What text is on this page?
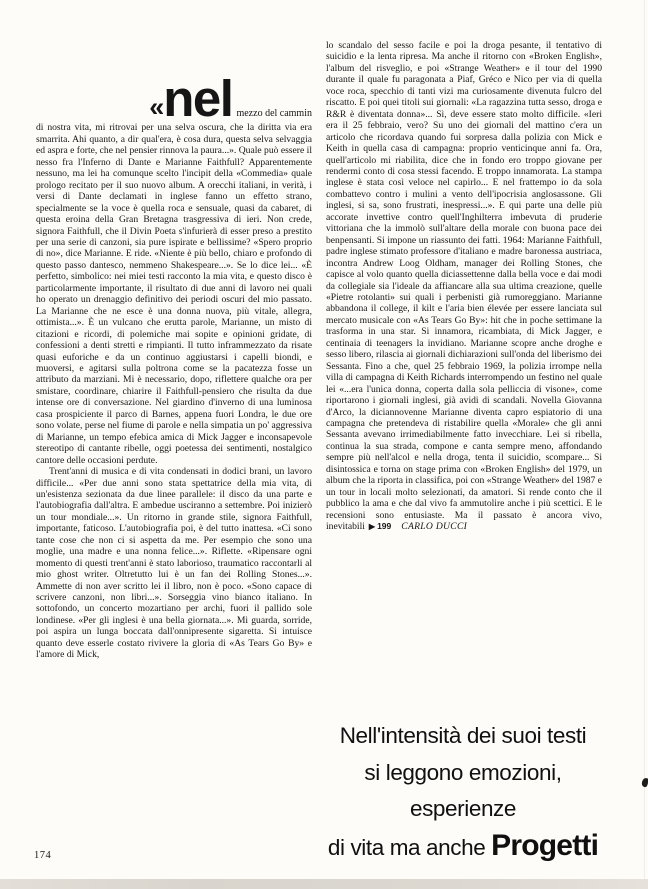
«nel mezzo del cammin

di nostra vita, mi ritrovai per una selva oscura, che la diritta via era smarrita. Ahi quanto, a dir qual'era, è cosa dura, questa selva selvaggia ed aspra e forte, che nel pensier rinnova la paura...». Quale può essere il nesso fra l'Inferno di Dante e Marianne Faithfull? Apparentemente nessuno, ma lei ha comunque scelto l'incipit della «Commedia» quale prologo recitato per il suo nuovo album. A orecchi italiani, in verità, i versi di Dante declamati in inglese fanno un effetto strano, specialmente se la voce è quella roca e sensuale, quasi da cabaret, di questa eroina della Gran Bretagna trasgressiva di ieri. Non crede, signora Faithfull, che il Divin Poeta s'infurierà di esser preso a prestito per una serie di canzoni, sia pure ispirate e bellissime? «Spero proprio di no», dice Marianne. E ride. «Niente è più bello, chiaro e profondo di questo passo dantesco, nemmeno Shakespeare...». Se lo dice lei... «È perfetto, simbolico: nei miei testi racconto la mia vita, e questo disco è particolarmente importante, il risultato di due anni di lavoro nei quali ho operato un drenaggio definitivo dei periodi oscuri del mio passato. La Marianne che ne esce è una donna nuova, più vitale, allegra, ottimista...». È un vulcano che erutta parole, Marianne, un misto di citazioni e ricordi, di polemiche mai sopite e opinioni gridate, di confessioni a denti stretti e rimpianti. Il tutto inframmezzato da risate quasi euforiche e da un continuo aggiustarsi i capelli biondi, e muoversi, e agitarsi sulla poltrona come se la pacatezza fosse un attributo da marziani. Mi è necessario, dopo, riflettere qualche ora per smistare, coordinare, chiarire il Faithfull-pensiero che risulta da due intense ore di conversazione. Nel giardino d'inverno di una luminosa casa prospiciente il parco di Barnes, appena fuori Londra, le due ore sono volate, perse nel fiume di parole e nella simpatia un po' aggressiva di Marianne, un tempo efebica amica di Mick Jagger e inconsapevole stereotipo di cantante ribelle, oggi poetessa dei sentimenti, nostalgico cantore delle occasioni perdute.

Trent'anni di musica e di vita condensati in dodici brani, un lavoro difficile... «Per due anni sono stata spettatrice della mia vita, di un'esistenza sezionata da due linee parallele: il disco da una parte e l'autobiografia dall'altra. E ambedue usciranno a settembre. Poi inizierò un tour mondiale...». Un ritorno in grande stile, signora Faithfull, importante, faticoso. L'autobiografia poi, è del tutto inattesa. «Ci sono tante cose che non ci si aspetta da me. Per esempio che sono una moglie, una madre e una nonna felice...». Riflette. «Ripensare ogni momento di questi trent'anni è stato laborioso, traumatico raccontarli al mio ghost writer. Oltretutto lui è un fan dei Rolling Stones...». Ammette di non aver scritto lei il libro, non è poco. «Sono capace di scrivere canzoni, non libri...». Sorseggia vino bianco italiano. In sottofondo, un concerto mozartiano per archi, fuori il pallido sole londinese. «Per gli inglesi è una bella giornata...». Mi guarda, sorride, poi aspira un lunga boccata dall'onnipresente sigaretta. Si intuisce quanto deve esserle costato rivivere la gloria di «As Tears Go By» e l'amore di Mick,

lo scandalo del sesso facile e poi la droga pesante, il tentativo di suicidio e la lenta ripresa. Ma anche il ritorno con «Broken English», l'album del risveglio, e poi «Strange Weather» e il tour del 1990 durante il quale fu paragonata a Piaf, Gréco e Nico per via di quella voce roca, specchio di tanti vizi ma curiosamente divenuta fulcro del riscatto. E poi quei titoli sui giornali: «La ragazzina tutta sesso, droga e R&R è diventata donna»... Sì, deve essere stato molto difficile. «Ieri era il 25 febbraio, vero? Su uno dei giornali del mattino c'era un articolo che ricordava quando fui sorpresa dalla polizia con Mick e Keith in quella casa di campagna: proprio venticinque anni fa. Ora, quell'articolo mi riabilita, dice che in fondo ero troppo giovane per rendermi conto di cosa stessi facendo. E troppo innamorata. La stampa inglese è stata così veloce nel capirlo... E nel frattempo io da sola combattevo contro i mulini a vento dell'ipocrisia anglosassone. Gli inglesi, si sa, sono frustrati, inespressi...». E qui parte una delle più accorate invettive contro quell'Inghilterra imbevuta di pruderie vittoriana che la immolò sull'altare della morale con buona pace dei benpensanti. Si impone un riassunto dei fatti. 1964: Marianne Faithfull, padre inglese stimato professore d'italiano e madre baronessa austriaca, incontra Andrew Loog Oldham, manager dei Rolling Stones, che capisce al volo quanto quella diciassettenne dalla bella voce e dai modi da collegiale sia l'ideale da affiancare alla sua ultima creazione, quelle «Pietre rotolanti» sui quali i perbenisti già rumoreggiano. Marianne abbandona il college, il kilt e l'aria bien élevée per essere lanciata sul mercato musicale con «As Tears Go By»: hit che in poche settimane la trasforma in una star. Si innamora, ricambiata, di Mick Jagger, e centinaia di teenagers la invidiano. Marianne scopre anche droghe e sesso libero, rilascia ai giornali dichiarazioni sull'onda del liberismo dei Sessanta. Fino a che, quel 25 febbraio 1969, la polizia irrompe nella villa di campagna di Keith Richards interrompendo un festino nel quale lei «...era l'unica donna, coperta dalla sola pelliccia di visone», come riportarono i giornali inglesi, già avidi di scandali. Novella Giovanna d'Arco, la diciannovenne Marianne diventa capro espiatorio di una campagna che pretendeva di ristabilire quella «Morale» che gli anni Sessanta avevano irrimediabilmente fatto invecchiare. Lei si ribella, continua la sua strada, compone e canta sempre meno, affondando sempre più nell'alcol e nella droga, tenta il suicidio, scompare... Si disintossica e torna on stage prima con «Broken English» del 1979, un album che la riporta in classifica, poi con «Strange Weather» del 1987 e un tour in locali molto selezionati, da amatori. Si rende conto che il pubblico la ama e che dal vivo fa ammutolire anche i più scettici. E le recensioni sono entusiaste. Ma il passato è ancora vivo, inevitabili ▶ 199 CARLO DUCCI

Nell'intensità dei suoi testi
si leggono emozioni, esperienze
di vita ma anche Progetti
174
